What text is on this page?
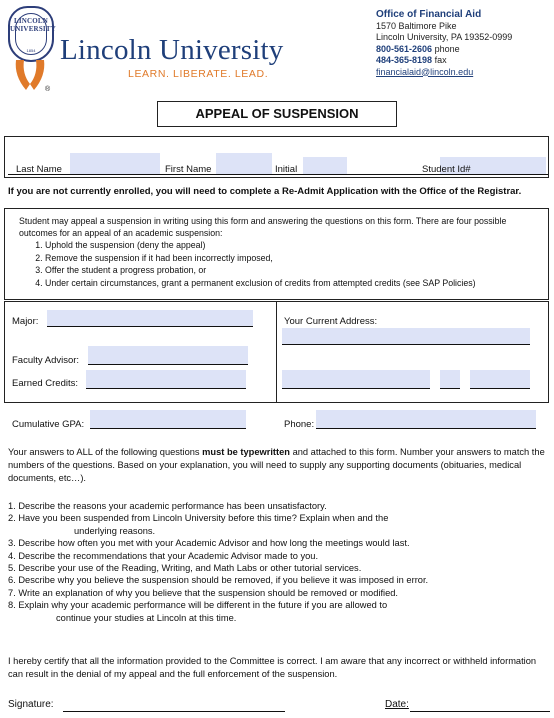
LINCOLN UNIVERSITY
1854 Lincoln University
LEARN. LIBERATE. LEAD.
®
Office of Financial Aid
1570 Baltimore Pike
Lincoln University, PA 19352-0999
800-561-2606 phone
484-365-8198 fax
financialaid@lincoln.edu
APPEAL OF SUSPENSION
Last Name	First Name	Initial	Student Id#
If you are not currently enrolled, you will need to complete a Re-Admit Application with the Office of the Registrar.
Student may appeal a suspension in writing using this form and answering the questions on this form. There are four possible outcomes for an appeal of an academic suspension:
1. Uphold the suspension (deny the appeal)
2. Remove the suspension if it had been incorrectly imposed,
3. Offer the student a progress probation, or
4. Under certain circumstances, grant a permanent exclusion of credits from attempted credits (see SAP Policies)
Major:
Faculty Advisor:
Earned Credits:
Your Current Address:
Cumulative GPA:	Phone:
Your answers to ALL of the following questions must be typewritten and attached to this form. Number your answers to match the numbers of the questions. Based on your explanation, you will need to supply any supporting documents (obituaries, medical documents, etc…).
1. Describe the reasons your academic performance has been unsatisfactory.
2. Have you been suspended from Lincoln University before this time? Explain when and the
underlying reasons.
3. Describe how often you met with your Academic Advisor and how long the meetings would last.
4. Describe the recommendations that your Academic Advisor made to you.
5. Describe your use of the Reading, Writing, and Math Labs or other tutorial services.
6. Describe why you believe the suspension should be removed, if you believe it was imposed in error.
7. Write an explanation of why you believe that the suspension should be removed or modified.
8. Explain why your academic performance will be different in the future if you are allowed to
continue your studies at Lincoln at this time.
I hereby certify that all the information provided to the Committee is correct. I am aware that any incorrect or withheld information can result in the denial of my appeal and the full enforcement of the suspension.
Signature:	Date:
